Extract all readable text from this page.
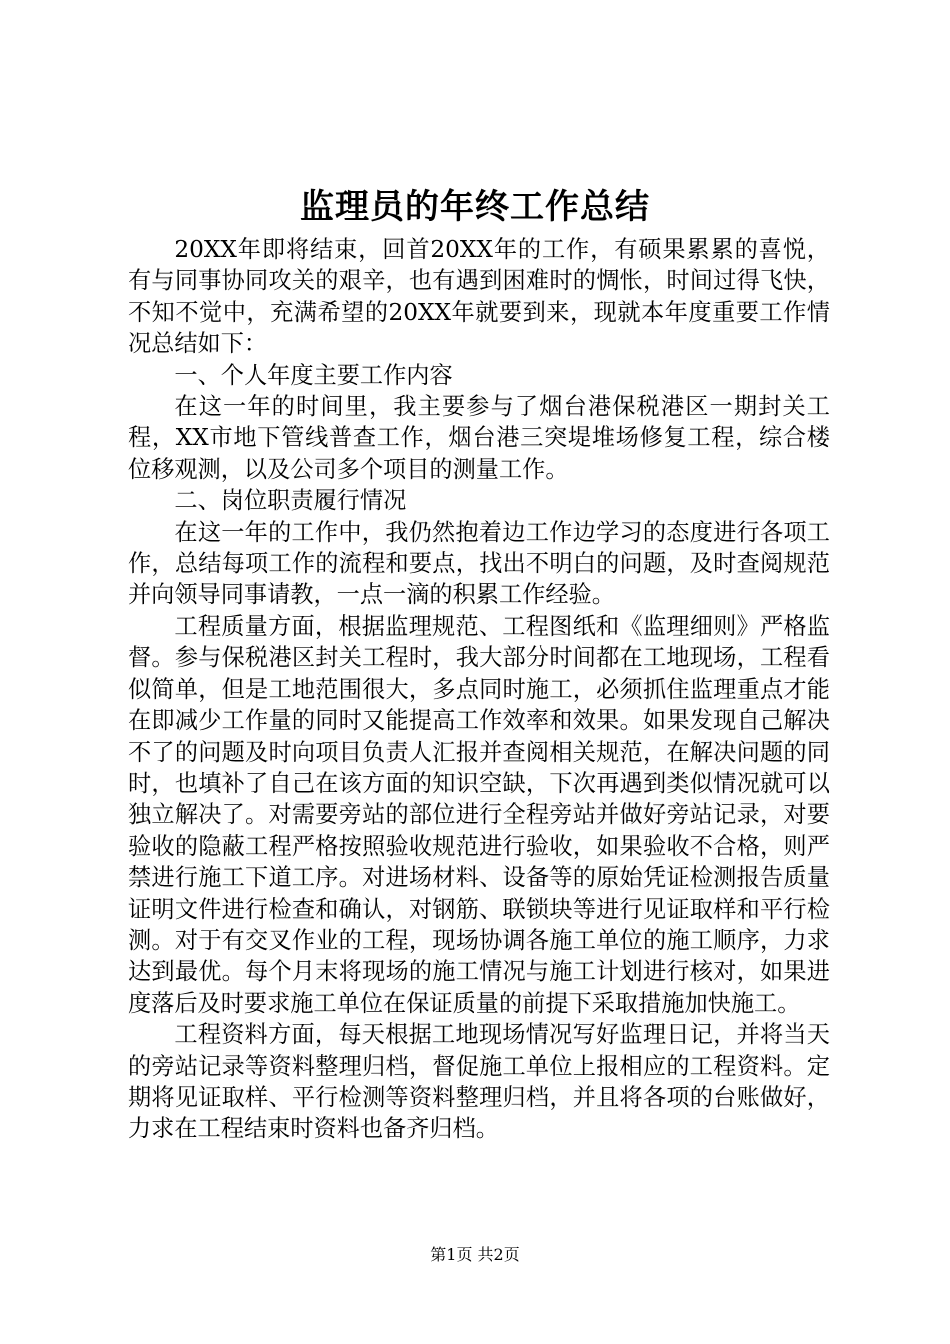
监理员的年终工作总结

20XX年即将结束，回首20XX年的工作，有硕果累累的喜悦，有与同事协同攻关的艰辛，也有遇到困难时的惆怅，时间过得飞快，不知不觉中，充满希望的20XX年就要到来，现就本年度重要工作情况总结如下：

一、个人年度主要工作内容

在这一年的时间里，我主要参与了烟台港保税港区一期封关工程，XX市地下管线普查工作，烟台港三突堤堆场修复工程，综合楼位移观测，以及公司多个项目的测量工作。

二、岗位职责履行情况

在这一年的工作中，我仍然抱着边工作边学习的态度进行各项工作，总结每项工作的流程和要点，找出不明白的问题，及时查阅规范并向领导同事请教，一点一滴的积累工作经验。

工程质量方面，根据监理规范、工程图纸和《监理细则》严格监督。参与保税港区封关工程时，我大部分时间都在工地现场，工程看似简单，但是工地范围很大，多点同时施工，必须抓住监理重点才能在即减少工作量的同时又能提高工作效率和效果。如果发现自己解决不了的问题及时向项目负责人汇报并查阅相关规范，在解决问题的同时，也填补了自己在该方面的知识空缺，下次再遇到类似情况就可以独立解决了。对需要旁站的部位进行全程旁站并做好旁站记录，对要验收的隐蔽工程严格按照验收规范进行验收，如果验收不合格，则严禁进行施工下道工序。对进场材料、设备等的原始凭证检测报告质量证明文件进行检查和确认，对钢筋、联锁块等进行见证取样和平行检测。对于有交叉作业的工程，现场协调各施工单位的施工顺序，力求达到最优。每个月末将现场的施工情况与施工计划进行核对，如果进度落后及时要求施工单位在保证质量的前提下采取措施加快施工。

工程资料方面，每天根据工地现场情况写好监理日记，并将当天的旁站记录等资料整理归档，督促施工单位上报相应的工程资料。定期将见证取样、平行检测等资料整理归档，并且将各项的台账做好，力求在工程结束时资料也备齐归档。

第1页 共2页
